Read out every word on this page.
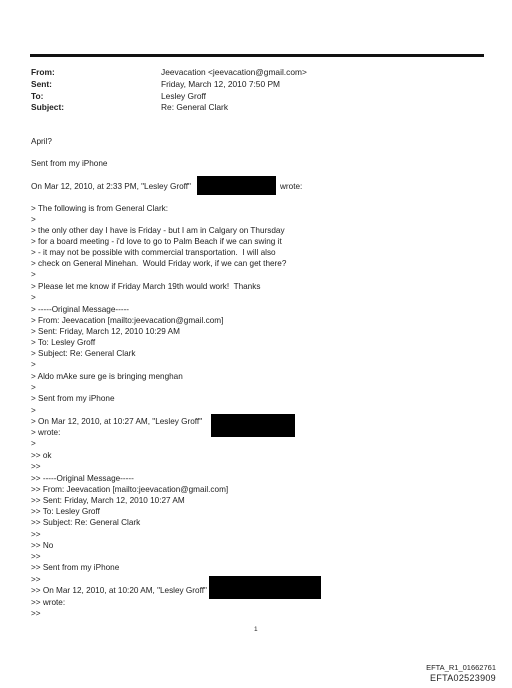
From:	Jeevacation <jeevacation@gmail.com>
Sent:	Friday, March 12, 2010 7:50 PM
To:	Lesley Groff
Subject:	Re: General Clark
April?
Sent from my iPhone
On Mar 12, 2010, at 2:33 PM, "Lesley Groff"	wrote:
> The following is from General Clark:
>
> the only other day I have is Friday - but I am in Calgary on Thursday
> for a board meeting - i'd love to go to Palm Beach if we can swing it
> - it may not be possible with commercial transportation.  I will also
> check on General Minehan.  Would Friday work, if we can get there?
>
> Please let me know if Friday March 19th would work!  Thanks
>
> -----Original Message-----
> From: Jeevacation [mailto:jeevacation@gmail.com]
> Sent: Friday, March 12, 2010 10:29 AM
> To: Lesley Groff
> Subject: Re: General Clark
>
> Aldo mAke sure ge is bringing menghan
>
> Sent from my iPhone
>
> On Mar 12, 2010, at 10:27 AM, "Lesley Groff"
> wrote:
>
>> ok
>>
>> -----Original Message-----
>> From: Jeevacation [mailto:jeevacation@gmail.com]
>> Sent: Friday, March 12, 2010 10:27 AM
>> To: Lesley Groff
>> Subject: Re: General Clark
>>
>> No
>>
>> Sent from my iPhone
>>
>> On Mar 12, 2010, at 10:20 AM, "Lesley Groff"
>> wrote:
>>
1
EFTA_R1_01662761
EFTA02523909
